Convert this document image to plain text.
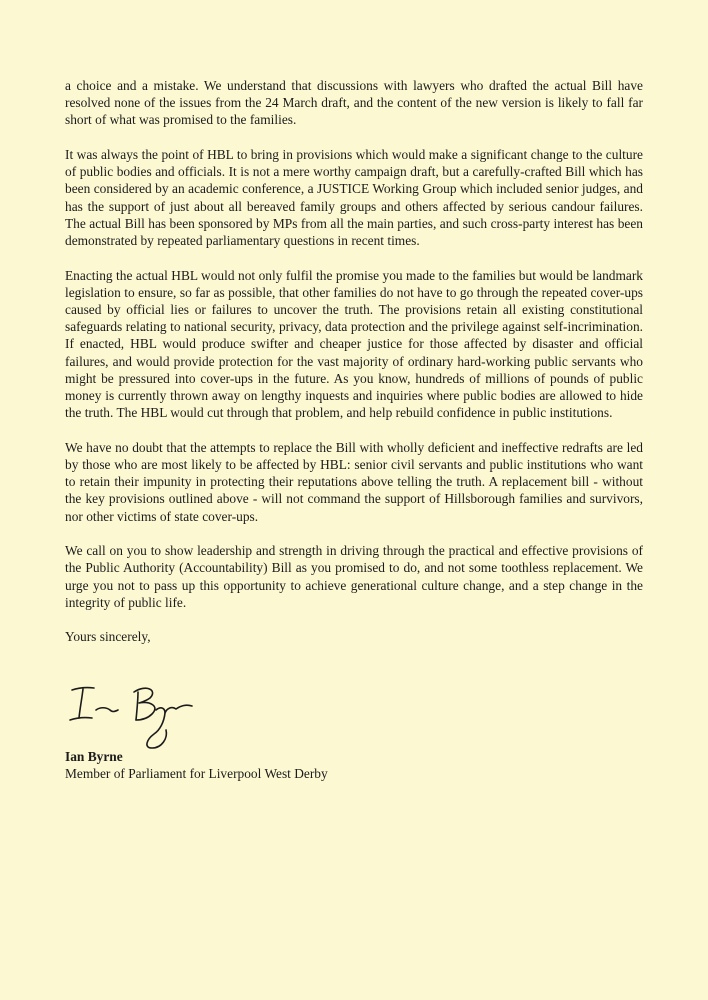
a choice and a mistake. We understand that discussions with lawyers who drafted the actual Bill have resolved none of the issues from the 24 March draft, and the content of the new version is likely to fall far short of what was promised to the families.

It was always the point of HBL to bring in provisions which would make a significant change to the culture of public bodies and officials. It is not a mere worthy campaign draft, but a carefully-crafted Bill which has been considered by an academic conference, a JUSTICE Working Group which included senior judges, and has the support of just about all bereaved family groups and others affected by serious candour failures. The actual Bill has been sponsored by MPs from all the main parties, and such cross-party interest has been demonstrated by repeated parliamentary questions in recent times.

Enacting the actual HBL would not only fulfil the promise you made to the families but would be landmark legislation to ensure, so far as possible, that other families do not have to go through the repeated cover-ups caused by official lies or failures to uncover the truth. The provisions retain all existing constitutional safeguards relating to national security, privacy, data protection and the privilege against self-incrimination. If enacted, HBL would produce swifter and cheaper justice for those affected by disaster and official failures, and would provide protection for the vast majority of ordinary hard-working public servants who might be pressured into cover-ups in the future. As you know, hundreds of millions of pounds of public money is currently thrown away on lengthy inquests and inquiries where public bodies are allowed to hide the truth. The HBL would cut through that problem, and help rebuild confidence in public institutions.

We have no doubt that the attempts to replace the Bill with wholly deficient and ineffective redrafts are led by those who are most likely to be affected by HBL: senior civil servants and public institutions who want to retain their impunity in protecting their reputations above telling the truth. A replacement bill - without the key provisions outlined above - will not command the support of Hillsborough families and survivors, nor other victims of state cover-ups.

We call on you to show leadership and strength in driving through the practical and effective provisions of the Public Authority (Accountability) Bill as you promised to do, and not some toothless replacement. We urge you not to pass up this opportunity to achieve generational culture change, and a step change in the integrity of public life.

Yours sincerely,

Ian Byrne
Member of Parliament for Liverpool West Derby
